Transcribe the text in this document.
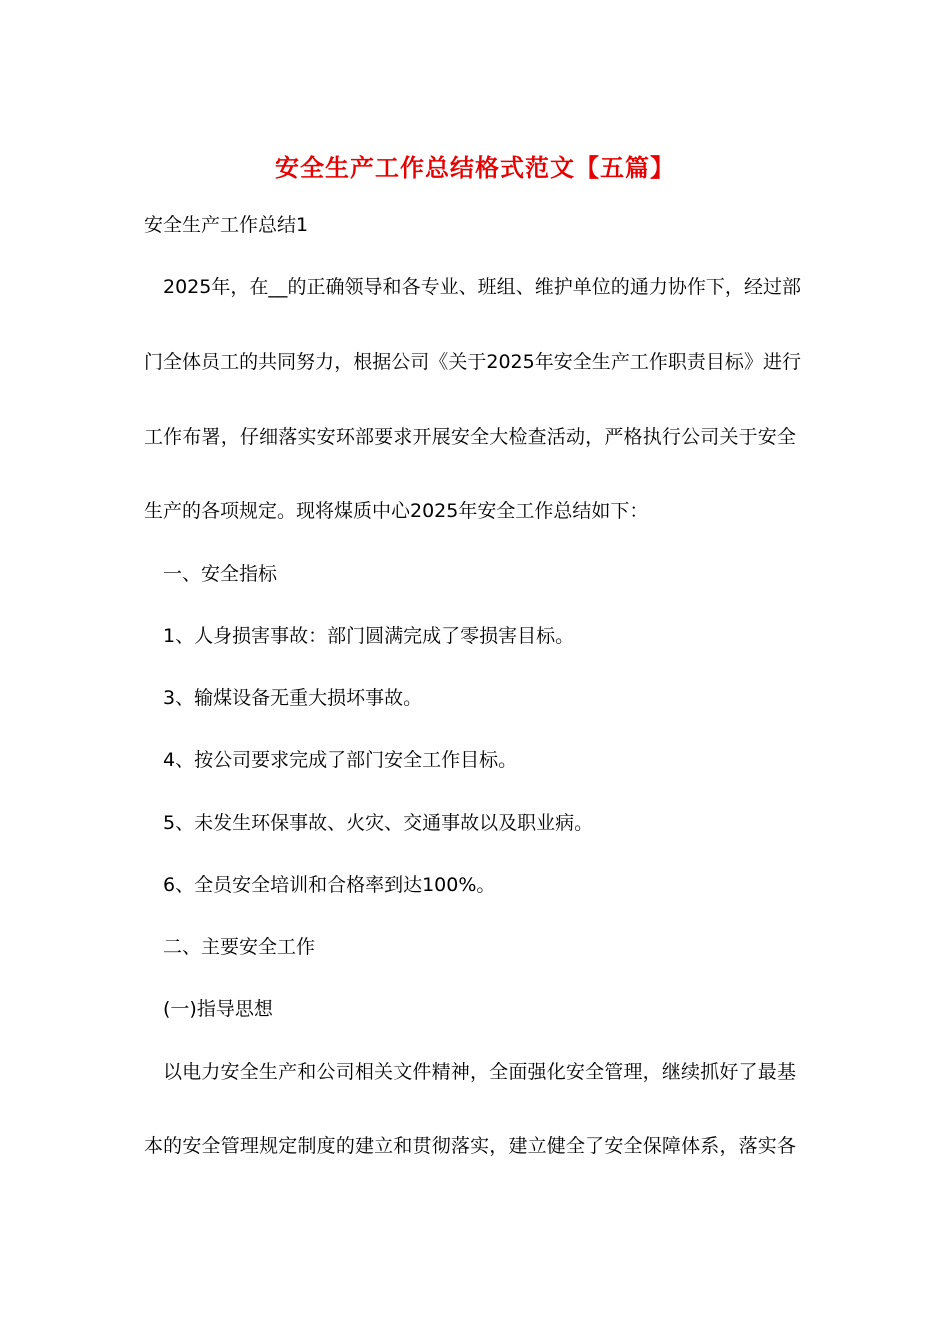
安全生产工作总结格式范文【五篇】
安全生产工作总结1
2025年，在__的正确领导和各专业、班组、维护单位的通力协作下，经过部
门全体员工的共同努力，根据公司《关于2025年安全生产工作职责目标》进行
工作布署，仔细落实安环部要求开展安全大检查活动，严格执行公司关于安全
生产的各项规定。现将煤质中心2025年安全工作总结如下：
一、安全指标
1、人身损害事故：部门圆满完成了零损害目标。
3、输煤设备无重大损坏事故。
4、按公司要求完成了部门安全工作目标。
5、未发生环保事故、火灾、交通事故以及职业病。
6、全员安全培训和合格率到达100%。
二、主要安全工作
(一)指导思想
以电力安全生产和公司相关文件精神，全面强化安全管理，继续抓好了最基
本的安全管理规定制度的建立和贯彻落实，建立健全了安全保障体系，落实各
